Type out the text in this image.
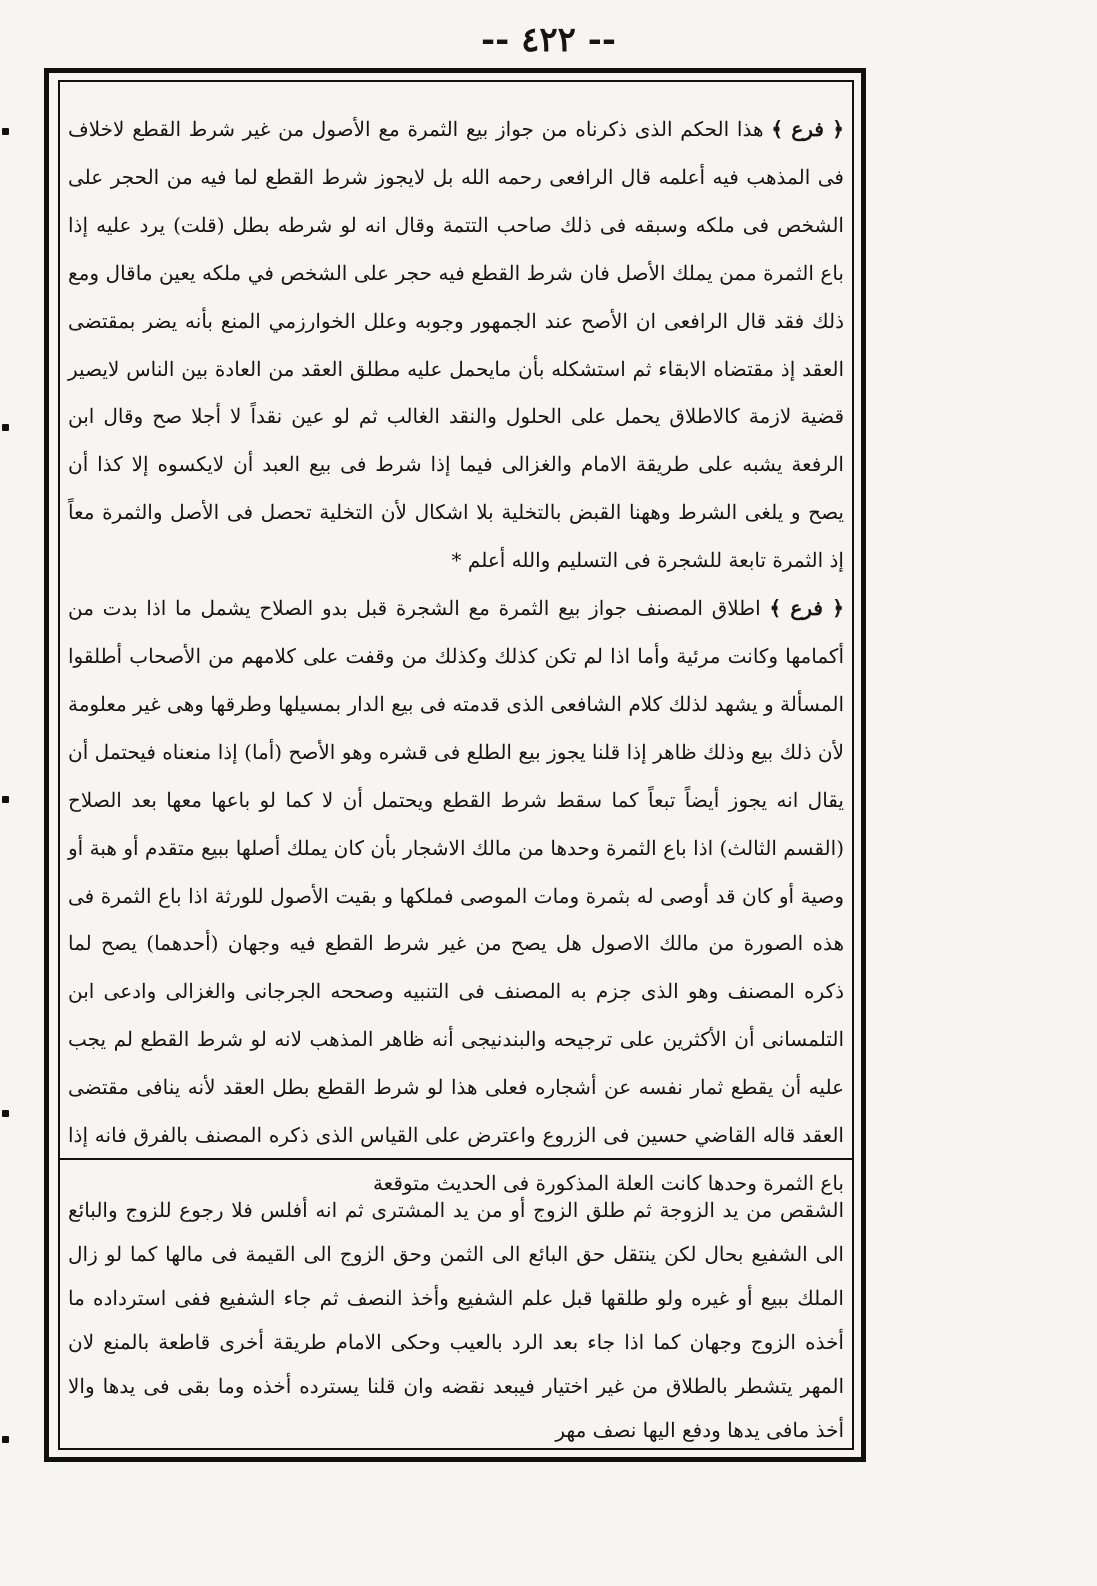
-- ٤٢٢ --

﴿ فرع ﴾ هذا الحكم الذى ذكرناه من جواز بيع الثمرة مع الأصول من غير شرط القطع لاخلاف فى المذهب فيه أعلمه قال الرافعى رحمه الله بل لايجوز شرط القطع لما فيه من الحجر على الشخص فى ملكه وسبقه فى ذلك صاحب التتمة وقال انه لو شرطه بطل (قلت) يرد عليه إذا باع الثمرة ممن يملك الأصل فان شرط القطع فيه حجر على الشخص في ملكه يعين ماقال ومع ذلك فقد قال الرافعى ان الأصح عند الجمهور وجوبه وعلل الخوارزمي المنع بأنه يضر بمقتضى العقد إذ مقتضاه الابقاء ثم استشكله بأن مايحمل عليه مطلق العقد من العادة بين الناس لايصير قضية لازمة كالاطلاق يحمل على الحلول والنقد الغالب ثم لو عين نقداً لا أجلا صح وقال ابن الرفعة يشبه على طريقة الامام والغزالى فيما إذا شرط فى بيع العبد أن لايكسوه إلا كذا أن يصح و يلغى الشرط وههنا القبض بالتخلية بلا اشكال لأن التخلية تحصل فى الأصل والثمرة معاً إذ الثمرة تابعة للشجرة فى التسليم والله أعلم *

﴿ فرع ﴾ اطلاق المصنف جواز بيع الثمرة مع الشجرة قبل بدو الصلاح يشمل ما اذا بدت من أكمامها وكانت مرئية وأما اذا لم تكن كذلك وكذلك من وقفت على كلامهم من الأصحاب أطلقوا المسألة و يشهد لذلك كلام الشافعى الذى قدمته فى بيع الدار بمسيلها وطرقها وهى غير معلومة لأن ذلك بيع وذلك ظاهر إذا قلنا يجوز بيع الطلع فى قشره وهو الأصح (أما) إذا منعناه فيحتمل أن يقال انه يجوز أيضاً تبعاً كما سقط شرط القطع ويحتمل أن لا كما لو باعها معها بعد الصلاح (القسم الثالث) اذا باع الثمرة وحدها من مالك الاشجار بأن كان يملك أصلها ببيع متقدم أو هبة أو وصية أو كان قد أوصى له بثمرة ومات الموصى فملكها و بقيت الأصول للورثة اذا باع الثمرة فى هذه الصورة من مالك الاصول هل يصح من غير شرط القطع فيه وجهان (أحدهما) يصح لما ذكره المصنف وهو الذى جزم به المصنف فى التنبيه وصححه الجرجانى والغزالى وادعى ابن التلمسانى أن الأكثرين على ترجيحه والبندنيجى أنه ظاهر المذهب لانه لو شرط القطع لم يجب عليه أن يقطع ثمار نفسه عن أشجاره فعلى هذا لو شرط القطع بطل العقد لأنه ينافى مقتضى العقد قاله القاضي حسين فى الزروع واعترض على القياس الذى ذكره المصنف بالفرق فانه إذا باع الثمرة وحدها كانت العلة المذكورة فى الحديث متوقعة

الشقص من يد الزوجة ثم طلق الزوج أو من يد المشترى ثم انه أفلس فلا رجوع للزوج والبائع الى الشفيع بحال لكن ينتقل حق البائع الى الثمن وحق الزوج الى القيمة فى مالها كما لو زال الملك ببيع أو غيره ولو طلقها قبل علم الشفيع وأخذ النصف ثم جاء الشفيع ففى استرداده ما أخذه الزوج وجهان كما اذا جاء بعد الرد بالعيب وحكى الامام طريقة أخرى قاطعة بالمنع لان المهر يتشطر بالطلاق من غير اختيار فيبعد نقضه وان قلنا يسترده أخذه وما بقى فى يدها والا أخذ مافى يدها ودفع اليها نصف مهر
